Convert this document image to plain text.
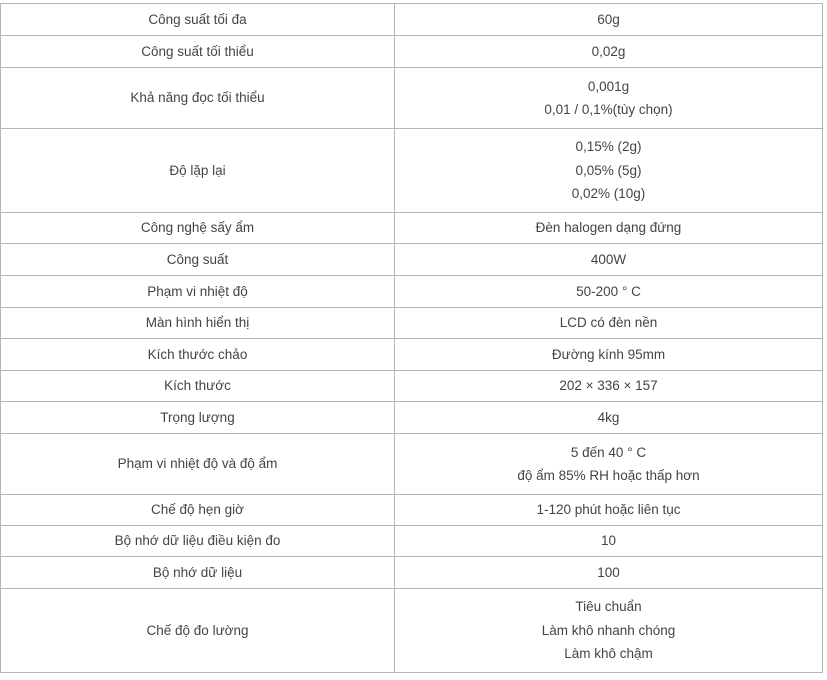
Công suất tối đa	60g

Công suất tối thiểu	0,02g

Khả năng đọc tối thiểu	0,001g
0,01 / 0,1%(tùy chọn)

Độ lặp lại	0,15% (2g)
0,05% (5g)
0,02% (10g)

Công nghệ sấy ẩm	Đèn halogen dạng đứng

Công suất	400W

Phạm vi nhiệt độ	50-200 ° C

Màn hình hiển thị	LCD có đèn nền

Kích thước chảo	Đường kính 95mm

Kích thước	202 × 336 × 157

Trọng lượng	4kg

Phạm vi nhiệt độ và độ ẩm	5 đến 40 ° C
độ ẩm 85% RH hoặc thấp hơn

Chế độ hẹn giờ	1-120 phút hoặc liên tục

Bộ nhớ dữ liệu điều kiện đo	10

Bộ nhớ dữ liệu	100

Chế độ đo lường	Tiêu chuẩn
Làm khô nhanh chóng
Làm khô chậm
